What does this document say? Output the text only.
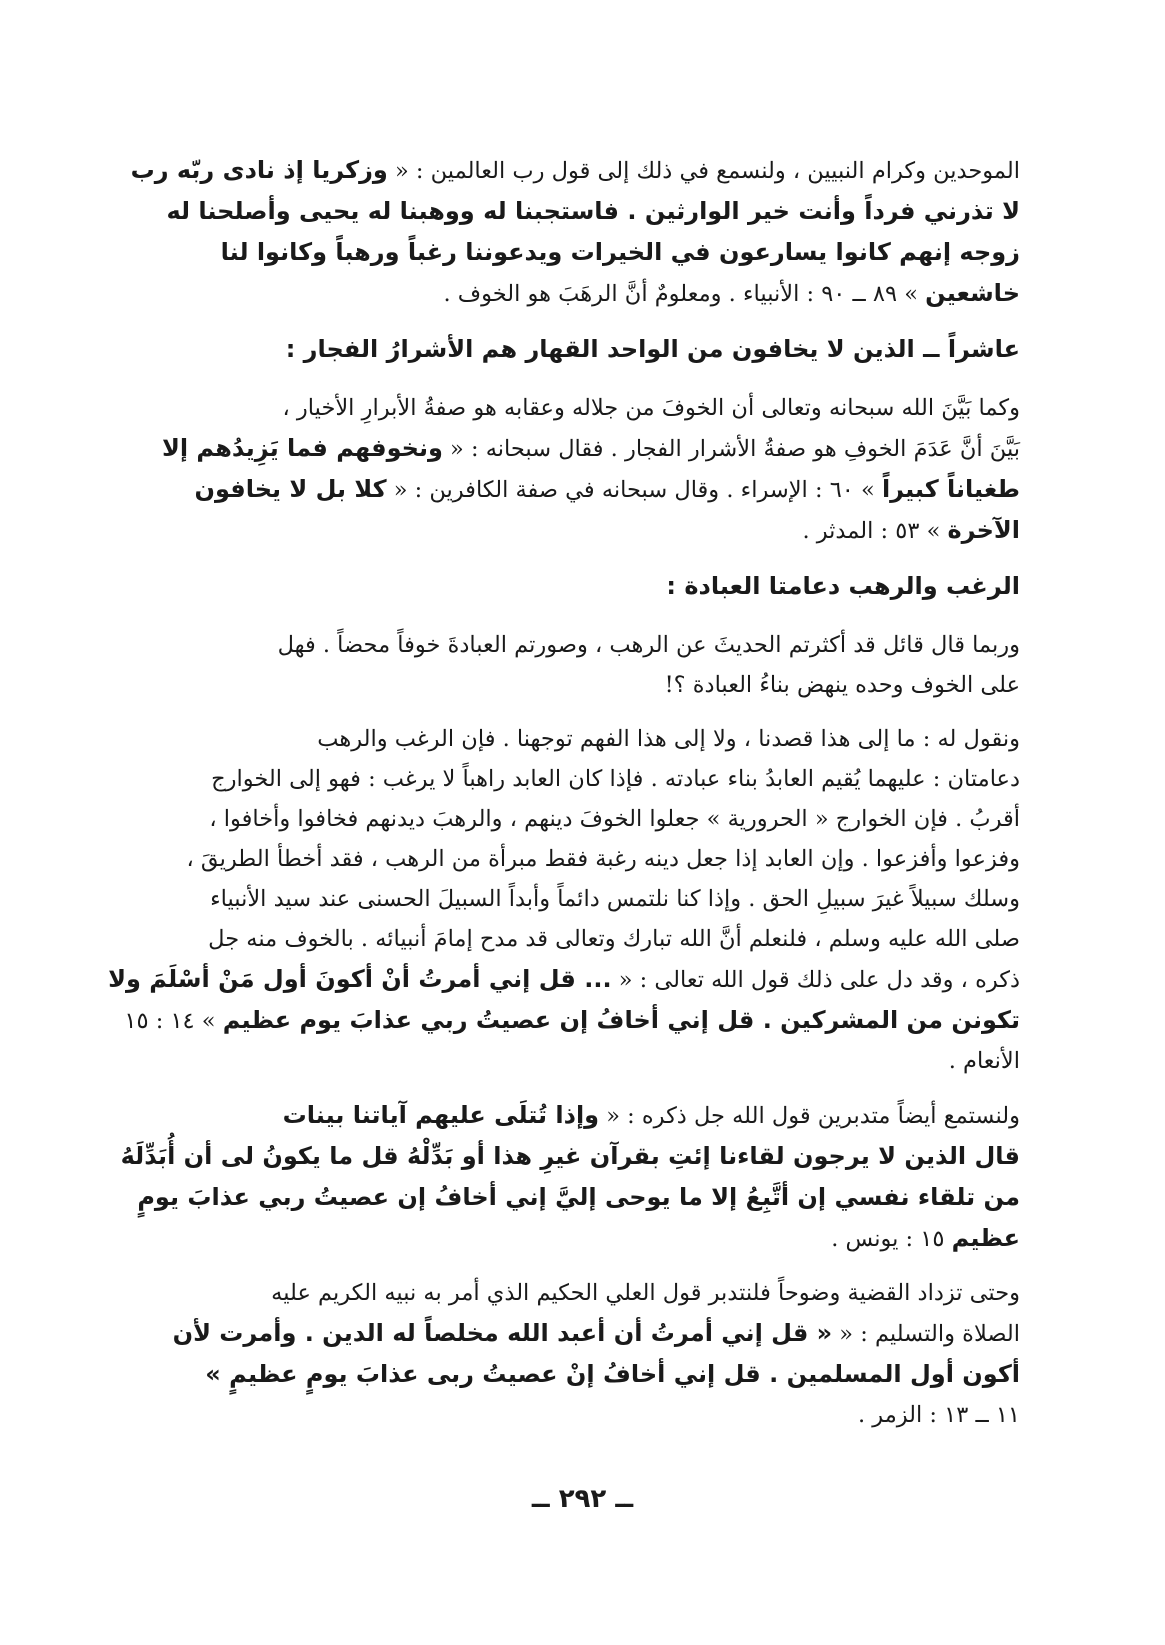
الموحدين وكرام النبيين ، ولنسمع في ذلك إلى قول رب العالمين : « وزكريا إذ نادى ربّه رب
لا تذرني فرداً وأنت خير الوارثين . فاستجبنا له ووهبنا له يحيى وأصلحنا له
زوجه إنهم كانوا يسارعون في الخيرات ويدعوننا رغباً ورهباً وكانوا لنا
خاشعين » ٨٩ ــ ٩٠ : الأنبياء . ومعلومٌ أنَّ الرهَبَ هو الخوف .
عاشراً ــ الذين لا يخافون من الواحد القهار هم الأشرارُ الفجار :
وكما بَيَّنَ الله سبحانه وتعالى أن الخوفَ من جلاله وعقابه هو صفةُ الأبرارِ الأخيار ،
بَيَّنَ أنَّ عَدَمَ الخوفِ هو صفةُ الأشرار الفجار . فقال سبحانه : « ونخوفهم فما يَزِيدُهم إلا
طغياناً كبيراً » ٦٠ : الإسراء . وقال سبحانه في صفة الكافرين : « كلا بل لا يخافون
الآخرة » ٥٣ : المدثر .
الرغب والرهب دعامتا العبادة :
وربما قال قائل قد أكثرتم الحديثَ عن الرهب ، وصورتم العبادةَ خوفاً محضاً . فهل
على الخوف وحده ينهض بناءُ العبادة ؟!
ونقول له : ما إلى هذا قصدنا ، ولا إلى هذا الفهم توجهنا . فإن الرغب والرهب
دعامتان : عليهما يُقيم العابدُ بناء عبادته . فإذا كان العابد راهباً لا يرغب : فهو إلى الخوارج
أقربُ . فإن الخوارج « الحرورية » جعلوا الخوفَ دينهم ، والرهبَ ديدنهم فخافوا وأخافوا ،
وفزعوا وأفزعوا . وإن العابد إذا جعل دينه رغبة فقط مبرأة من الرهب ، فقد أخطأ الطريقَ ،
وسلك سبيلاً غيرَ سبيلِ الحق . وإذا كنا نلتمس دائماً وأبداً السبيلَ الحسنى عند سيد الأنبياء
صلى الله عليه وسلم ، فلنعلم أنَّ الله تبارك وتعالى قد مدح إمامَ أنبيائه . بالخوف منه جل
ذكره ، وقد دل على ذلك قول الله تعالى : « ... قل إني أمرتُ أنْ أكونَ أول مَنْ أسْلَمَ ولا
تكونن من المشركين . قل إني أخافُ إن عصيتُ ربي عذابَ يوم عظيم » ١٤ : ١٥
الأنعام .
ولنستمع أيضاً متدبرين قول الله جل ذكره : « وإذا تُتلَى عليهم آياتنا بينات
قال الذين لا يرجون لقاءنا إئتِ بقرآن غيرِ هذا أو بَدِّلْهُ قل ما يكونُ لى أن أُبَدِّلَهُ
من تلقاء نفسي إن أتَّبِعُ إلا ما يوحى إليَّ إني أخافُ إن عصيتُ ربي عذابَ يومٍ
عظيم ١٥ : يونس .
وحتى تزداد القضية وضوحاً فلنتدبر قول العلي الحكيم الذي أمر به نبيه الكريم عليه
الصلاة والتسليم : « « قل إني أمرتُ أن أعبد الله مخلصاً له الدين . وأمرت لأن
أكون أول المسلمين . قل إني أخافُ إنْ عصيتُ ربى عذابَ يومٍ عظيمٍ »
١١ ــ ١٣ : الزمر .
ــ ٢٩٢ ــ
